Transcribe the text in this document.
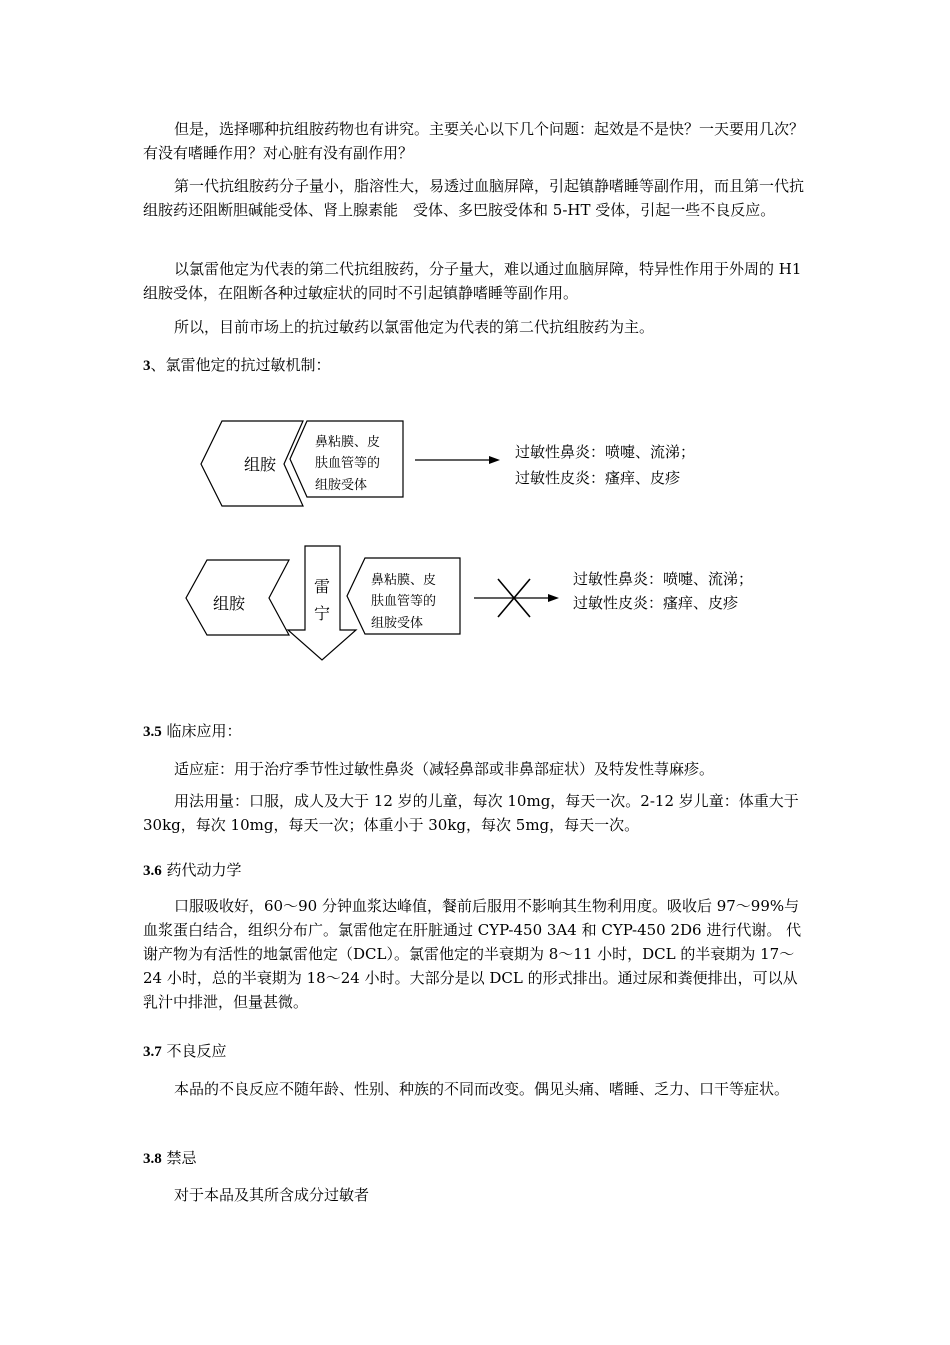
但是，选择哪种抗组胺药物也有讲究。主要关心以下几个问题：起效是不是快？一天要用几次？有没有嗜睡作用？对心脏有没有副作用？

第一代抗组胺药分子量小，脂溶性大，易透过血脑屏障，引起镇静嗜睡等副作用，而且第一代抗组胺药还阻断胆碱能受体、肾上腺素能　受体、多巴胺受体和 5-HT 受体，引起一些不良反应。

以氯雷他定为代表的第二代抗组胺药，分子量大，难以通过血脑屏障，特异性作用于外周的 H1 组胺受体，在阻断各种过敏症状的同时不引起镇静嗜睡等副作用。

所以，目前市场上的抗过敏药以氯雷他定为代表的第二代抗组胺药为主。

3、氯雷他定的抗过敏机制：

组胺
鼻粘膜、皮
肤血管等的
组胺受体
过敏性鼻炎：喷嚏、流涕；
过敏性皮炎：瘙痒、皮疹
组胺
雷
宁
鼻粘膜、皮
肤血管等的
组胺受体
过敏性鼻炎：喷嚏、流涕；
过敏性皮炎：瘙痒、皮疹

3.5 临床应用：

适应症：用于治疗季节性过敏性鼻炎（减轻鼻部或非鼻部症状）及特发性荨麻疹。

用法用量：口服，成人及大于 12 岁的儿童，每次 10mg，每天一次。2-12 岁儿童：体重大于 30kg，每次 10mg，每天一次；体重小于 30kg，每次 5mg，每天一次。

3.6 药代动力学

口服吸收好，60～90 分钟血浆达峰值，餐前后服用不影响其生物利用度。吸收后 97～99%与血浆蛋白结合，组织分布广。氯雷他定在肝脏通过 CYP-450 3A4 和 CYP-450 2D6 进行代谢。 代谢产物为有活性的地氯雷他定（DCL）。氯雷他定的半衰期为 8～11 小时，DCL 的半衰期为 17～24 小时，总的半衰期为 18～24 小时。大部分是以 DCL 的形式排出。通过尿和粪便排出，可以从乳汁中排泄，但量甚微。

3.7 不良反应

本品的不良反应不随年龄、性别、种族的不同而改变。偶见头痛、嗜睡、乏力、口干等症状。

3.8 禁忌

对于本品及其所含成分过敏者
